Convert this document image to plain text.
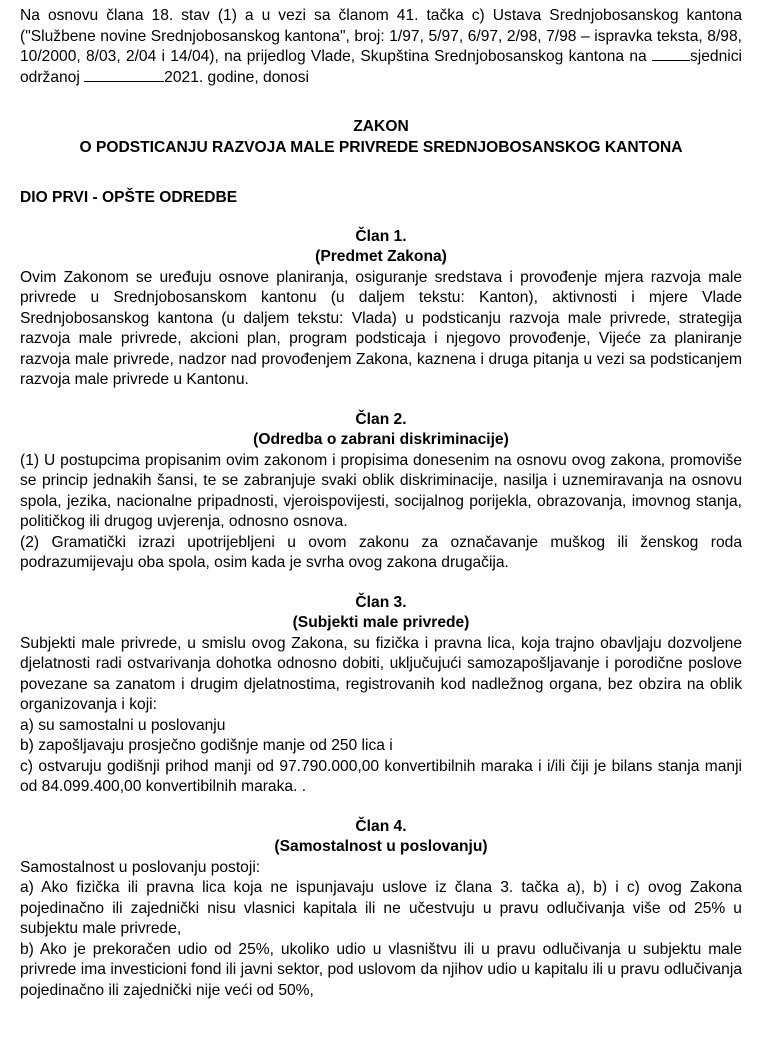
Na osnovu člana 18. stav (1) a u vezi sa članom 41. tačka c) Ustava Srednjobosanskog kantona ("Službene novine Srednjobosanskog kantona", broj: 1/97, 5/97, 6/97, 2/98, 7/98 – ispravka teksta, 8/98, 10/2000, 8/03, 2/04 i 14/04), na prijedlog Vlade, Skupština Srednjobosanskog kantona na	sjednici održanoj	2021. godine, donosi
ZAKON
O PODSTICANJU RAZVOJA MALE PRIVREDE SREDNJOBOSANSKOG KANTONA
DIO PRVI - OPŠTE ODREDBE
Član 1.
(Predmet Zakona)
Ovim Zakonom se uređuju osnove planiranja, osiguranje sredstava i provođenje mjera razvoja male privrede u Srednjobosanskom kantonu (u daljem tekstu: Kanton), aktivnosti i mjere Vlade Srednjobosanskog kantona (u daljem tekstu: Vlada) u podsticanju razvoja male privrede, strategija razvoja male privrede, akcioni plan, program podsticaja i njegovo provođenje, Vijeće za planiranje razvoja male privrede, nadzor nad provođenjem Zakona, kaznena i druga pitanja u vezi sa podsticanjem razvoja male privrede u Kantonu.
Član 2.
(Odredba o zabrani diskriminacije)
(1) U postupcima propisanim ovim zakonom i propisima donesenim na osnovu ovog zakona, promoviše se princip jednakih šansi, te se zabranjuje svaki oblik diskriminacije, nasilja i uznemiravanja na osnovu spola, jezika, nacionalne pripadnosti, vjeroispovijesti, socijalnog porijekla, obrazovanja, imovnog stanja, političkog ili drugog uvjerenja, odnosno osnova.
(2) Gramatički izrazi upotrijebljeni u ovom zakonu za označavanje muškog ili ženskog roda podrazumijevaju oba spola, osim kada je svrha ovog zakona drugačija.
Član 3.
(Subjekti male privrede)
Subjekti male privrede, u smislu ovog Zakona, su fizička i pravna lica, koja trajno obavljaju dozvoljene djelatnosti radi ostvarivanja dohotka odnosno dobiti, uključujući samozapošljavanje i porodične poslove povezane sa zanatom i drugim djelatnostima, registrovanih kod nadležnog organa, bez obzira na oblik organizovanja i koji:
a) su samostalni u poslovanju
b) zapošljavaju prosječno godišnje manje od 250 lica i
c) ostvaruju godišnji prihod manji od 97.790.000,00 konvertibilnih maraka i i/ili čiji je bilans stanja manji od 84.099.400,00 konvertibilnih maraka. .
Član 4.
(Samostalnost u poslovanju)
Samostalnost u poslovanju postoji:
a) Ako fizička ili pravna lica koja ne ispunjavaju uslove iz člana 3. tačka a), b) i c) ovog Zakona pojedinačno ili zajednički nisu vlasnici kapitala ili ne učestvuju u pravu odlučivanja više od 25% u subjektu male privrede,
b) Ako je prekoračen udio od 25%, ukoliko udio u vlasništvu ili u pravu odlučivanja u subjektu male privrede ima investicioni fond ili javni sektor, pod uslovom da njihov udio u kapitalu ili u pravu odlučivanja pojedinačno ili zajednički nije veći od 50%,
